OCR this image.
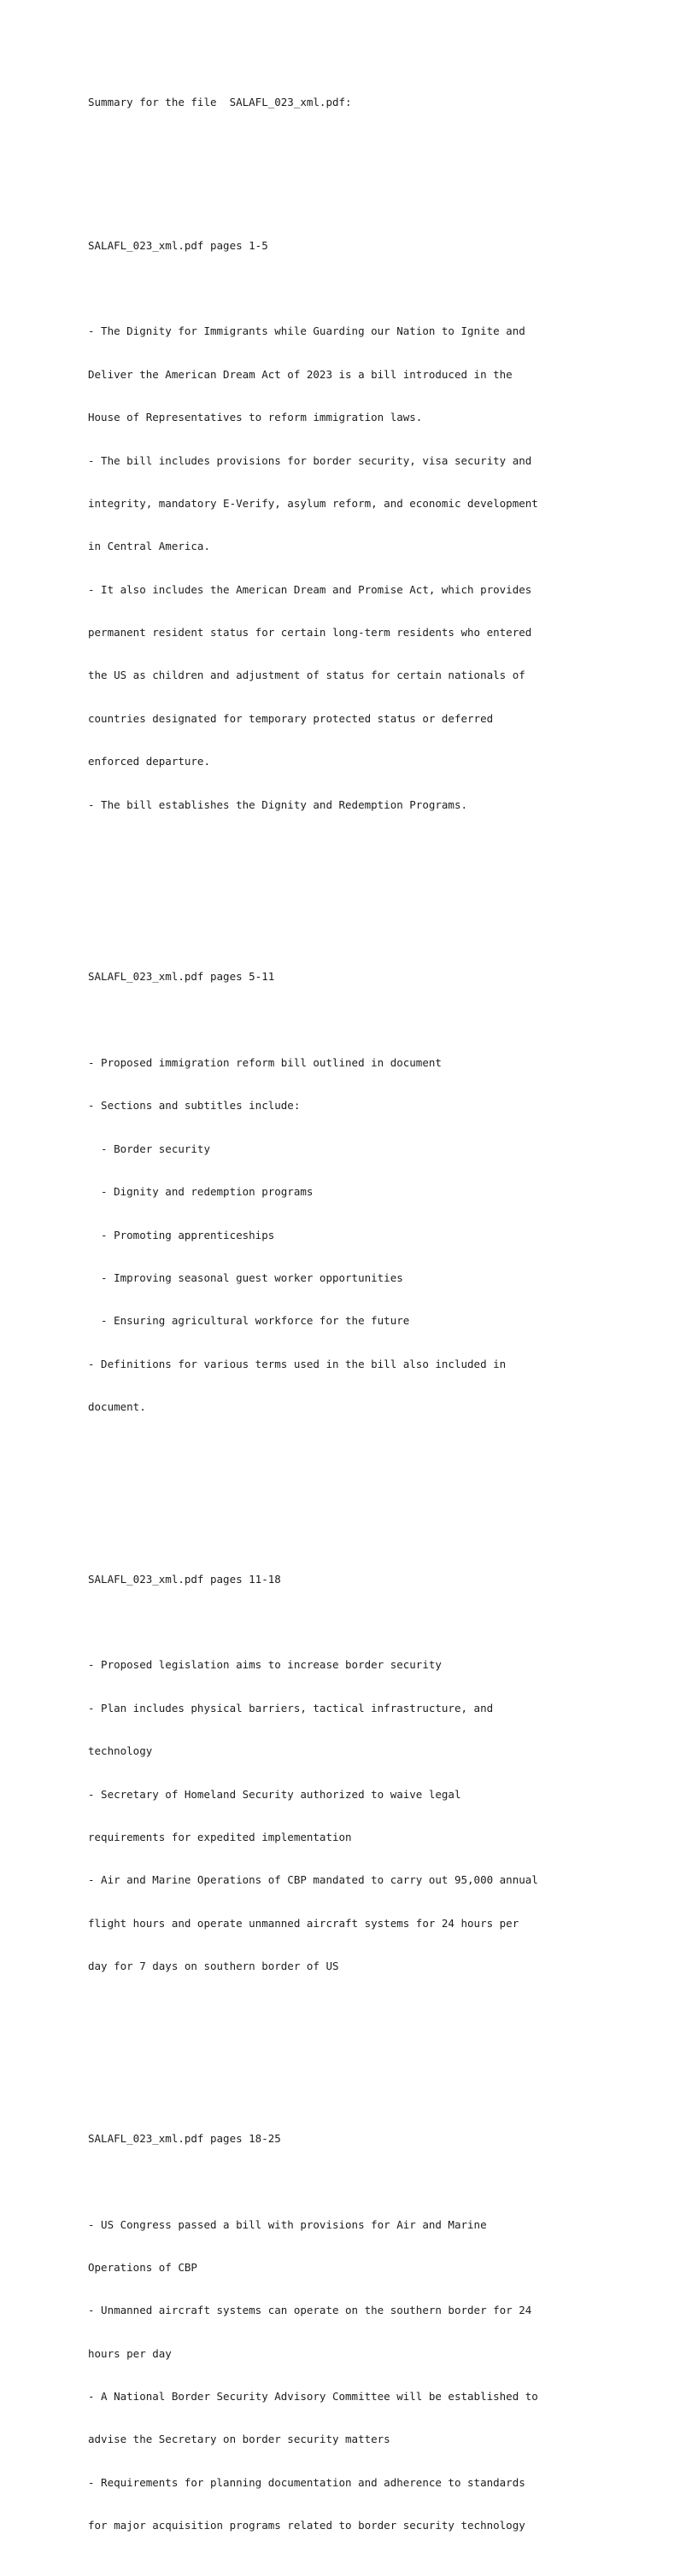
Summary for the file  SALAFL_023_xml.pdf:

SALAFL_023_xml.pdf pages 1-5

- The Dignity for Immigrants while Guarding our Nation to Ignite and

Deliver the American Dream Act of 2023 is a bill introduced in the

House of Representatives to reform immigration laws.

- The bill includes provisions for border security, visa security and

integrity, mandatory E-Verify, asylum reform, and economic development

in Central America.

- It also includes the American Dream and Promise Act, which provides

permanent resident status for certain long-term residents who entered

the US as children and adjustment of status for certain nationals of

countries designated for temporary protected status or deferred

enforced departure.

- The bill establishes the Dignity and Redemption Programs.

SALAFL_023_xml.pdf pages 5-11

- Proposed immigration reform bill outlined in document

- Sections and subtitles include:

- Border security

- Dignity and redemption programs

- Promoting apprenticeships

- Improving seasonal guest worker opportunities

- Ensuring agricultural workforce for the future

- Definitions for various terms used in the bill also included in

document.

SALAFL_023_xml.pdf pages 11-18

- Proposed legislation aims to increase border security

- Plan includes physical barriers, tactical infrastructure, and

technology

- Secretary of Homeland Security authorized to waive legal

requirements for expedited implementation

- Air and Marine Operations of CBP mandated to carry out 95,000 annual

flight hours and operate unmanned aircraft systems for 24 hours per

day for 7 days on southern border of US

SALAFL_023_xml.pdf pages 18-25

- US Congress passed a bill with provisions for Air and Marine

Operations of CBP

- Unmanned aircraft systems can operate on the southern border for 24

hours per day

- A National Border Security Advisory Committee will be established to

advise the Secretary on border security matters

- Requirements for planning documentation and adherence to standards

for major acquisition programs related to border security technology
